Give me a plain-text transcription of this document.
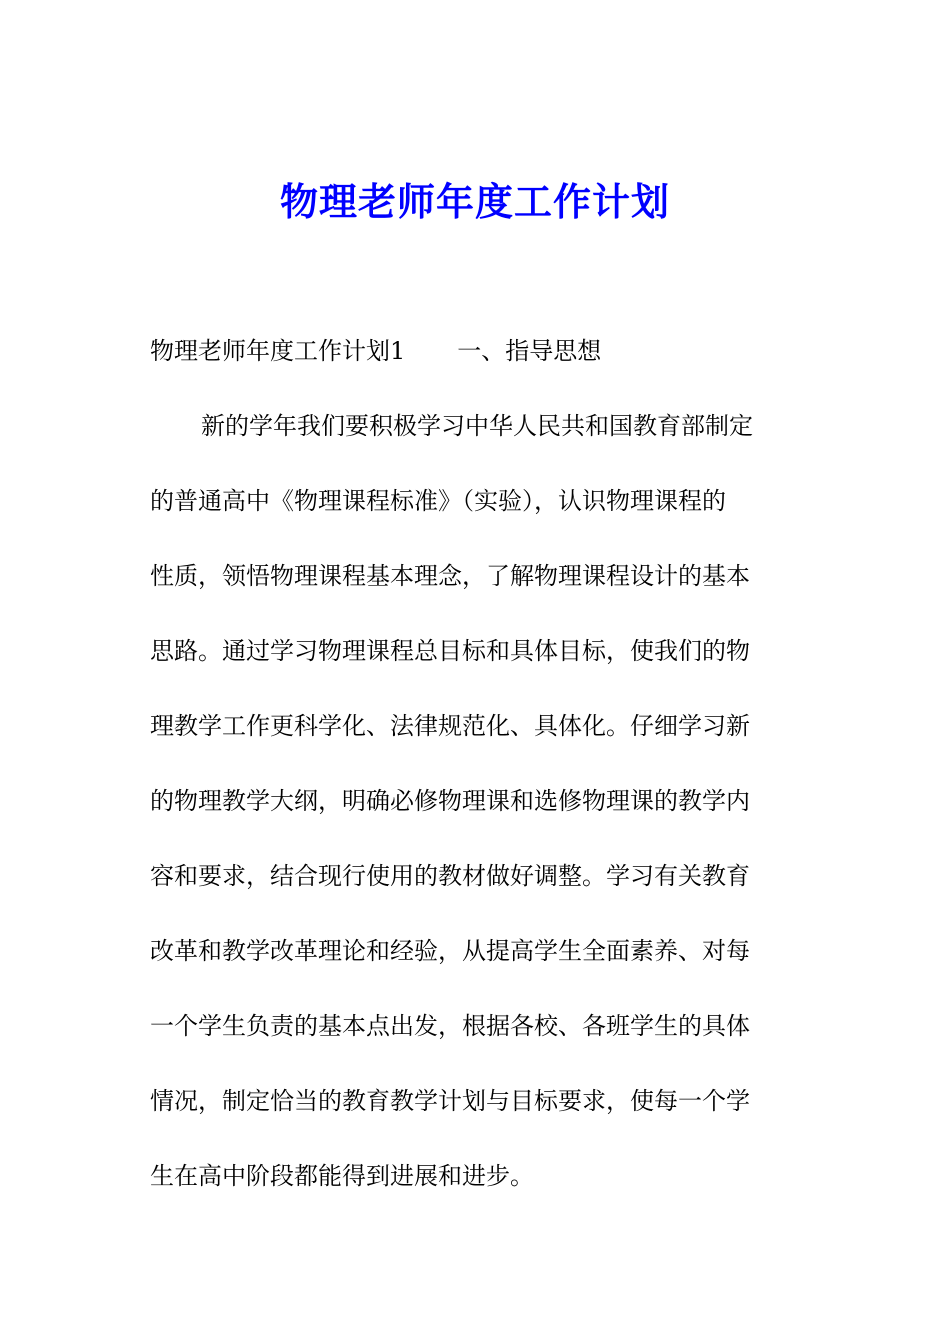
物理老师年度工作计划
物理老师年度工作计划1 一、指导思想
新的学年我们要积极学习中华人民共和国教育部制定
的普通高中《物理课程标准》（实验），认识物理课程的
性质，领悟物理课程基本理念，了解物理课程设计的基本
思路。通过学习物理课程总目标和具体目标，使我们的物
理教学工作更科学化、法律规范化、具体化。仔细学习新
的物理教学大纲，明确必修物理课和选修物理课的教学内
容和要求，结合现行使用的教材做好调整。学习有关教育
改革和教学改革理论和经验，从提高学生全面素养、对每
一个学生负责的基本点出发，根据各校、各班学生的具体
情况，制定恰当的教育教学计划与目标要求，使每一个学
生在高中阶段都能得到进展和进步。
